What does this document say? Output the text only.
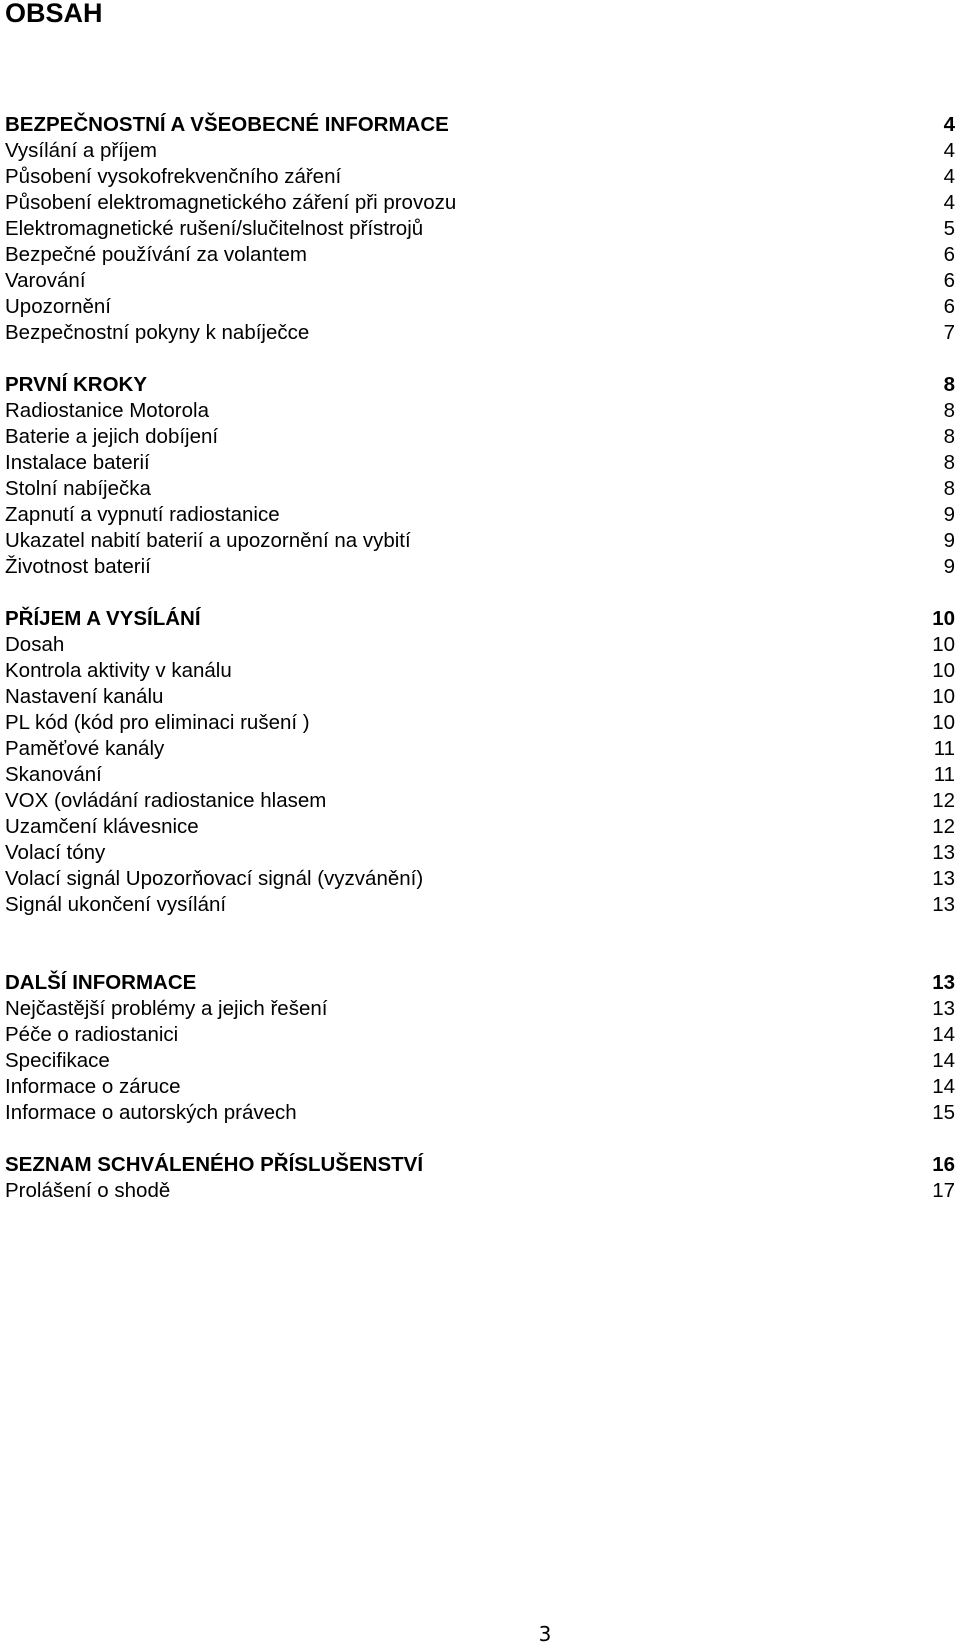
OBSAH
BEZPEČNOSTNÍ A VŠEOBECNÉ INFORMACE	4
Vysílání a příjem	4
Působení vysokofrekvenčního záření	4
Působení elektromagnetického záření při provozu	4
Elektromagnetické rušení/slučitelnost přístrojů	5
Bezpečné používání za volantem	6
Varování	6
Upozornění	6
Bezpečnostní pokyny k nabíječce	7
PRVNÍ KROKY	8
Radiostanice Motorola	8
Baterie a jejich dobíjení	8
Instalace baterií	8
Stolní nabíječka	8
Zapnutí a vypnutí radiostanice	9
Ukazatel nabití baterií a upozornění na vybití	9
Životnost baterií	9
PŘÍJEM A VYSÍLÁNÍ	10
Dosah	10
Kontrola aktivity v kanálu	10
Nastavení kanálu	10
PL kód (kód pro eliminaci rušení )	10
Paměťové kanály	11
Skanování	11
VOX (ovládání radiostanice hlasem	12
Uzamčení klávesnice	12
Volací tóny	13
Volací signál Upozorňovací signál (vyzvánění)	13
Signál ukončení vysílání	13
DALŠÍ INFORMACE	13
Nejčastější problémy a jejich řešení	13
Péče o radiostanici	14
Specifikace	14
Informace o záruce	14
Informace o autorských právech	15
SEZNAM SCHVÁLENÉHO PŘÍSLUŠENSTVÍ	16
Prolášení o shodě	17
3
